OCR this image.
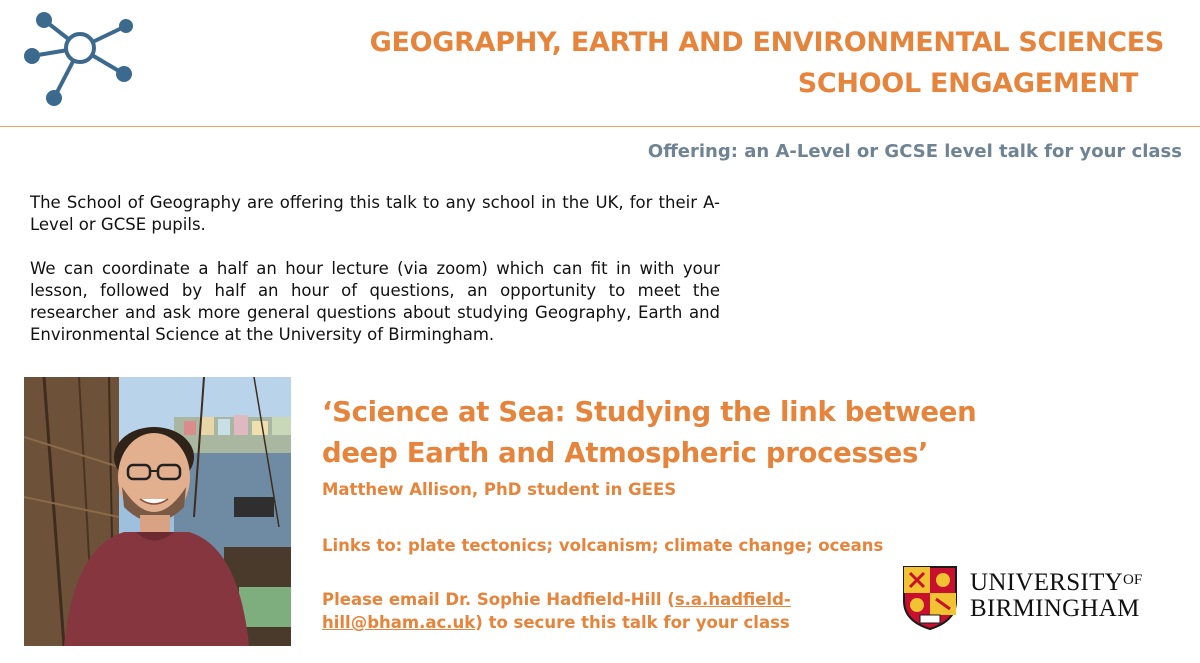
GEOGRAPHY, EARTH AND ENVIRONMENTAL SCIENCES
SCHOOL ENGAGEMENT
Offering: an A-Level or GCSE level talk for your class

The School of Geography are offering this talk to any school in the UK, for their A-Level or GCSE pupils.

We can coordinate a half an hour lecture (via zoom) which can fit in with your lesson, followed by half an hour of questions, an opportunity to meet the researcher and ask more general questions about studying Geography, Earth and Environmental Science at the University of Birmingham.

‘Science at Sea: Studying the link between
deep Earth and Atmospheric processes’
Matthew Allison, PhD student in GEES
Links to: plate tectonics; volcanism; climate change; oceans
Please email Dr. Sophie Hadfield-Hill (s.a.hadfield-
hill@bham.ac.uk) to secure this talk for your class
$UNIVERSITY^{OF}$
BIRMINGHAM
